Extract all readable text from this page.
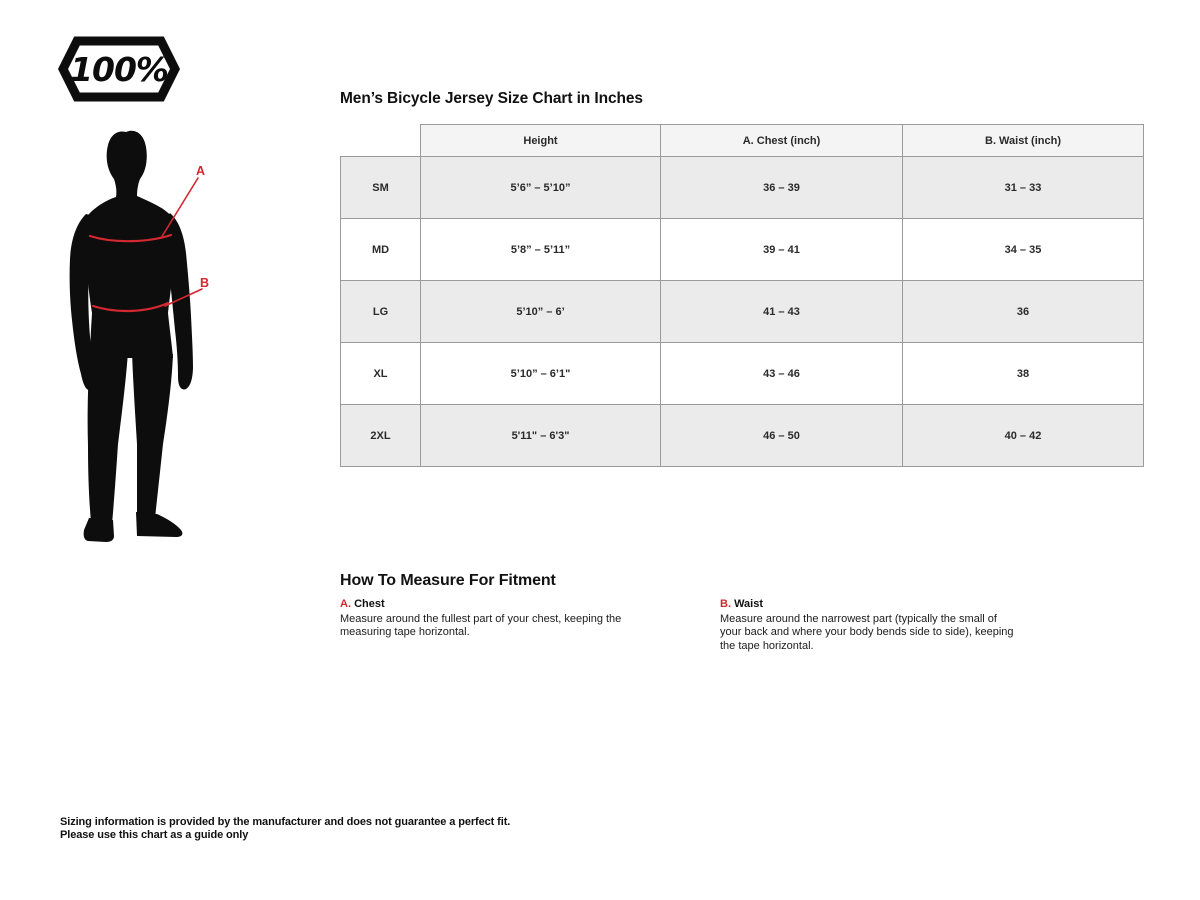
100%
A
B
Men’s Bicycle Jersey Size Chart in Inches
	Height	A. Chest (inch)	B. Waist (inch)
SM	5’6” – 5’10”	36 – 39	31 – 33
MD	5’8” – 5’11”	39 – 41	34 – 35
LG	5’10” – 6’	41 – 43	36
XL	5’10” – 6’1"	43 – 46	38
2XL	5'11" – 6'3"	46 – 50	40 – 42
How To Measure For Fitment
A. Chest
Measure around the fullest part of your chest, keeping the measuring tape horizontal.
B. Waist
Measure around the narrowest part (typically the small of your back and where your body bends side to side), keeping the tape horizontal.
Sizing information is provided by the manufacturer and does not guarantee a perfect fit.
Please use this chart as a guide only
